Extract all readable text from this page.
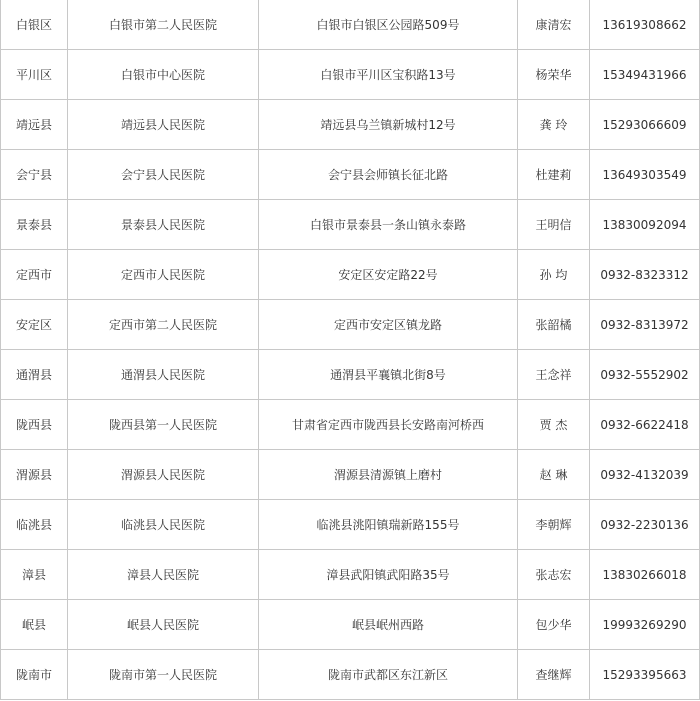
白银区	白银市第二人民医院	白银市白银区公园路509号	康清宏	13619308662
平川区	白银市中心医院	白银市平川区宝积路13号	杨荣华	15349431966
靖远县	靖远县人民医院	靖远县乌兰镇新城村12号	龚 玲	15293066609
会宁县	会宁县人民医院	会宁县会师镇长征北路	杜建莉	13649303549
景泰县	景泰县人民医院	白银市景泰县一条山镇永泰路	王明信	13830092094
定西市	定西市人民医院	安定区安定路22号	孙 均	0932-8323312
安定区	定西市第二人民医院	定西市安定区镇龙路	张韶橘	0932-8313972
通渭县	通渭县人民医院	通渭县平襄镇北街8号	王念祥	0932-5552902
陇西县	陇西县第一人民医院	甘肃省定西市陇西县长安路南河桥西	贾 杰	0932-6622418
渭源县	渭源县人民医院	渭源县清源镇上磨村	赵 琳	0932-4132039
临洮县	临洮县人民医院	临洮县洮阳镇瑞新路155号	李朝辉	0932-2230136
漳县	漳县人民医院	漳县武阳镇武阳路35号	张志宏	13830266018
岷县	岷县人民医院	岷县岷州西路	包少华	19993269290
陇南市	陇南市第一人民医院	陇南市武都区东江新区	查继辉	15293395663
